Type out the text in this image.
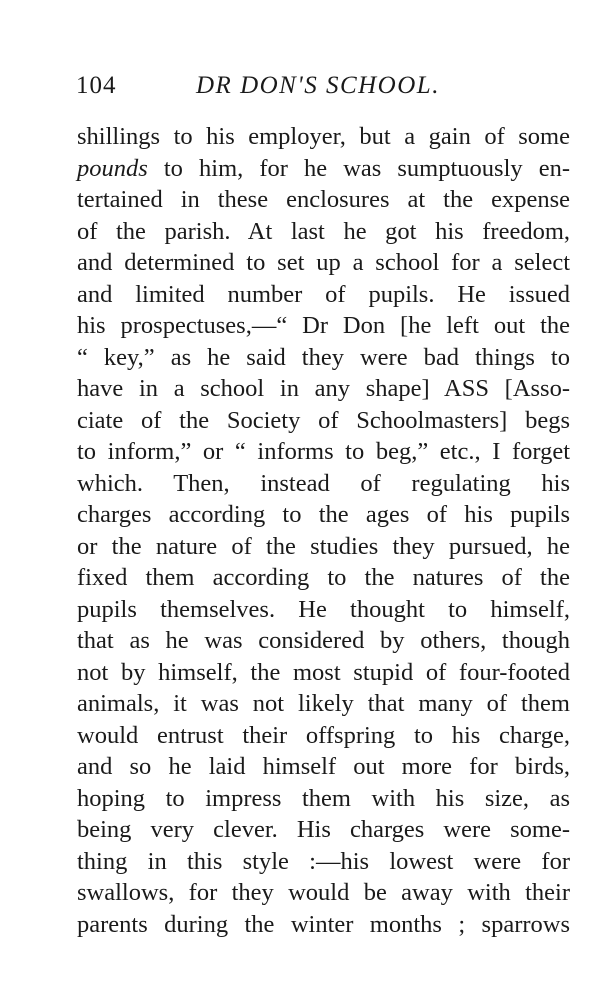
104	DR DON'S SCHOOL.
shillings to his employer, but a gain of some
pounds to him, for he was sumptuously en-
tertained in these enclosures at the expense
of the parish. At last he got his freedom,
and determined to set up a school for a select
and limited number of pupils. He issued
his prospectuses,—“ Dr Don [he left out the
“ key,” as he said they were bad things to
have in a school in any shape] ASS [Asso-
ciate of the Society of Schoolmasters] begs
to inform,” or “ informs to beg,” etc., I forget
which. Then, instead of regulating his
charges according to the ages of his pupils
or the nature of the studies they pursued, he
fixed them according to the natures of the
pupils themselves. He thought to himself,
that as he was considered by others, though
not by himself, the most stupid of four-footed
animals, it was not likely that many of them
would entrust their offspring to his charge,
and so he laid himself out more for birds,
hoping to impress them with his size, as
being very clever. His charges were some-
thing in this style :—his lowest were for
swallows, for they would be away with their
parents during the winter months ; sparrows
